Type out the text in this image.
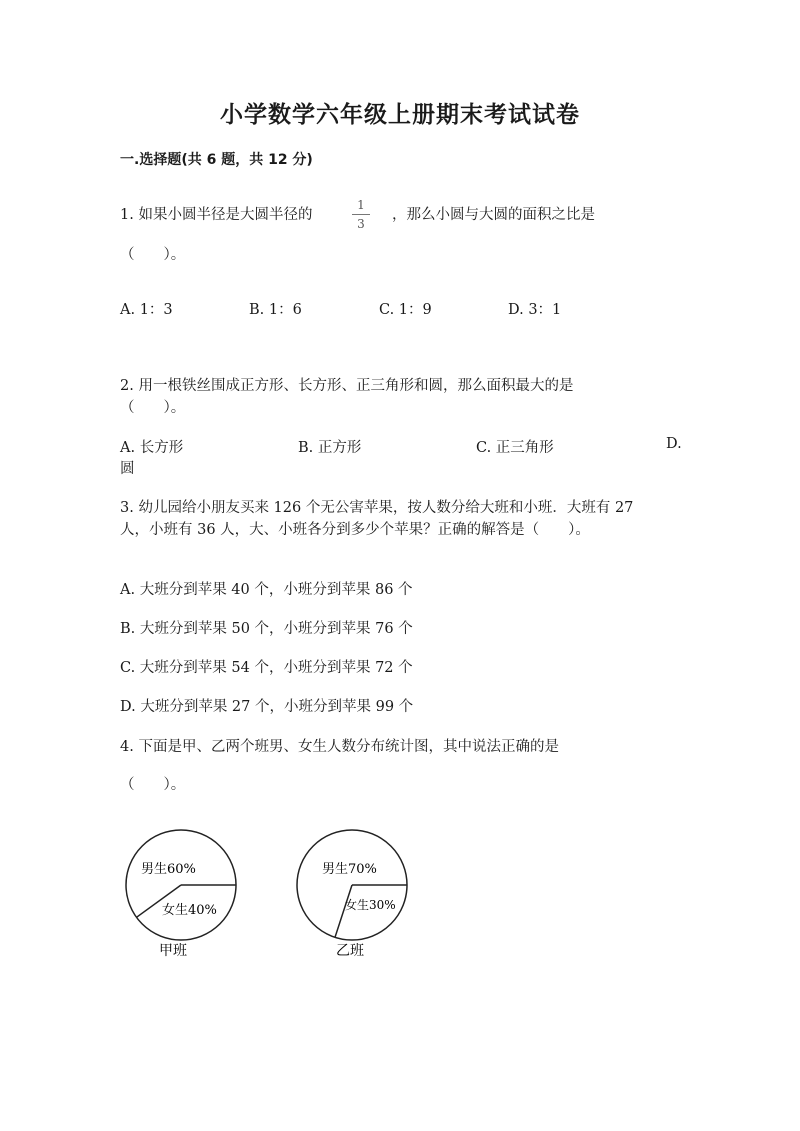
小学数学六年级上册期末考试试卷
一.选择题(共 6 题，共 12 分)
1. 如果小圆半径是大圆半径的
1
3
，那么小圆与大圆的面积之比是
（　　）。
A. 1：3	B. 1：6	C. 1：9	D. 3：1
2. 用一根铁丝围成正方形、长方形、正三角形和圆，那么面积最大的是
（　　）。
A. 长方形	B. 正方形	C. 正三角形	D.
圆
3. 幼儿园给小朋友买来 126 个无公害苹果，按人数分给大班和小班．大班有 27
人，小班有 36 人，大、小班各分到多少个苹果？正确的解答是（　　）。
A. 大班分到苹果 40 个，小班分到苹果 86 个
B. 大班分到苹果 50 个，小班分到苹果 76 个
C. 大班分到苹果 54 个，小班分到苹果 72 个
D. 大班分到苹果 27 个，小班分到苹果 99 个
4. 下面是甲、乙两个班男、女生人数分布统计图，其中说法正确的是
（　　）。
男生60%
女生40%
甲班
男生70%
女生30%
乙班
